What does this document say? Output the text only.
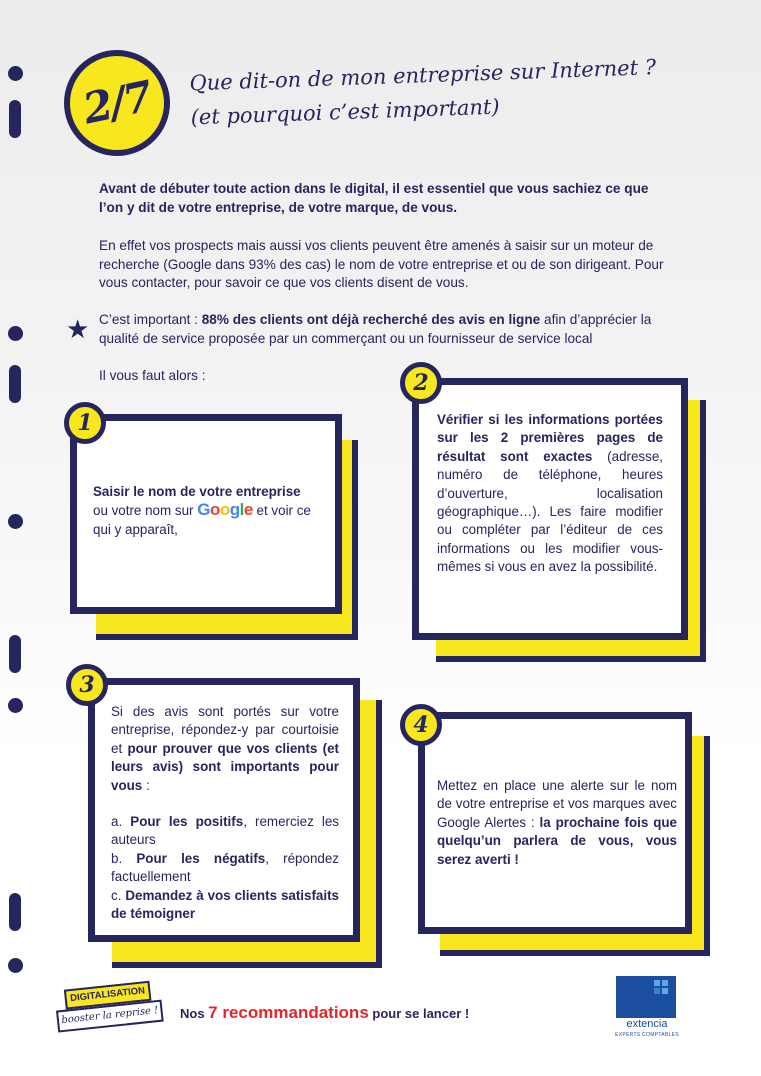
2/7	Que dit-on de mon entreprise sur Internet ?
(et pourquoi c’est important)

Avant de débuter toute action dans le digital, il est essentiel que vous sachiez ce que l’on y dit de votre entreprise, de votre marque, de vous.

En effet vos prospects mais aussi vos clients peuvent être amenés à saisir sur un moteur de recherche (Google dans 93% des cas) le nom de votre entreprise et ou de son dirigeant. Pour vous contacter, pour savoir ce que vos clients disent de vous.

★ C’est important : 88% des clients ont déjà recherché des avis en ligne afin d’apprécier la qualité de service proposée par un commerçant ou un fournisseur de service local

Il vous faut alors :

Saisir le nom de votre entreprise
ou votre nom sur Google et voir ce qui y apparaît,
1	Vérifier si les informations portées sur les 2 premières pages de résultat sont exactes (adresse, numéro de téléphone, heures d’ouverture, localisation géographique…). Les faire modifier ou compléter par l’éditeur de ces informations ou les modifier vous-mêmes si vous en avez la possibilité.
2
Si des avis sont portés sur votre entreprise, répondez-y par courtoisie et pour prouver que vos clients (et leurs avis) sont importants pour vous :
a. Pour les positifs, remerciez les auteurs
b. Pour les négatifs, répondez factuellement
c. Demandez à vos clients satisfaits de témoigner
3
Mettez en place une alerte sur le nom de votre entreprise et vos marques avec Google Alertes : la prochaine fois que quelqu’un parlera de vous, vous serez averti !
4
DIGITALISATION
booster la reprise !	Nos 7 recommandations pour se lancer !
extencia
EXPERTS COMPTABLES
